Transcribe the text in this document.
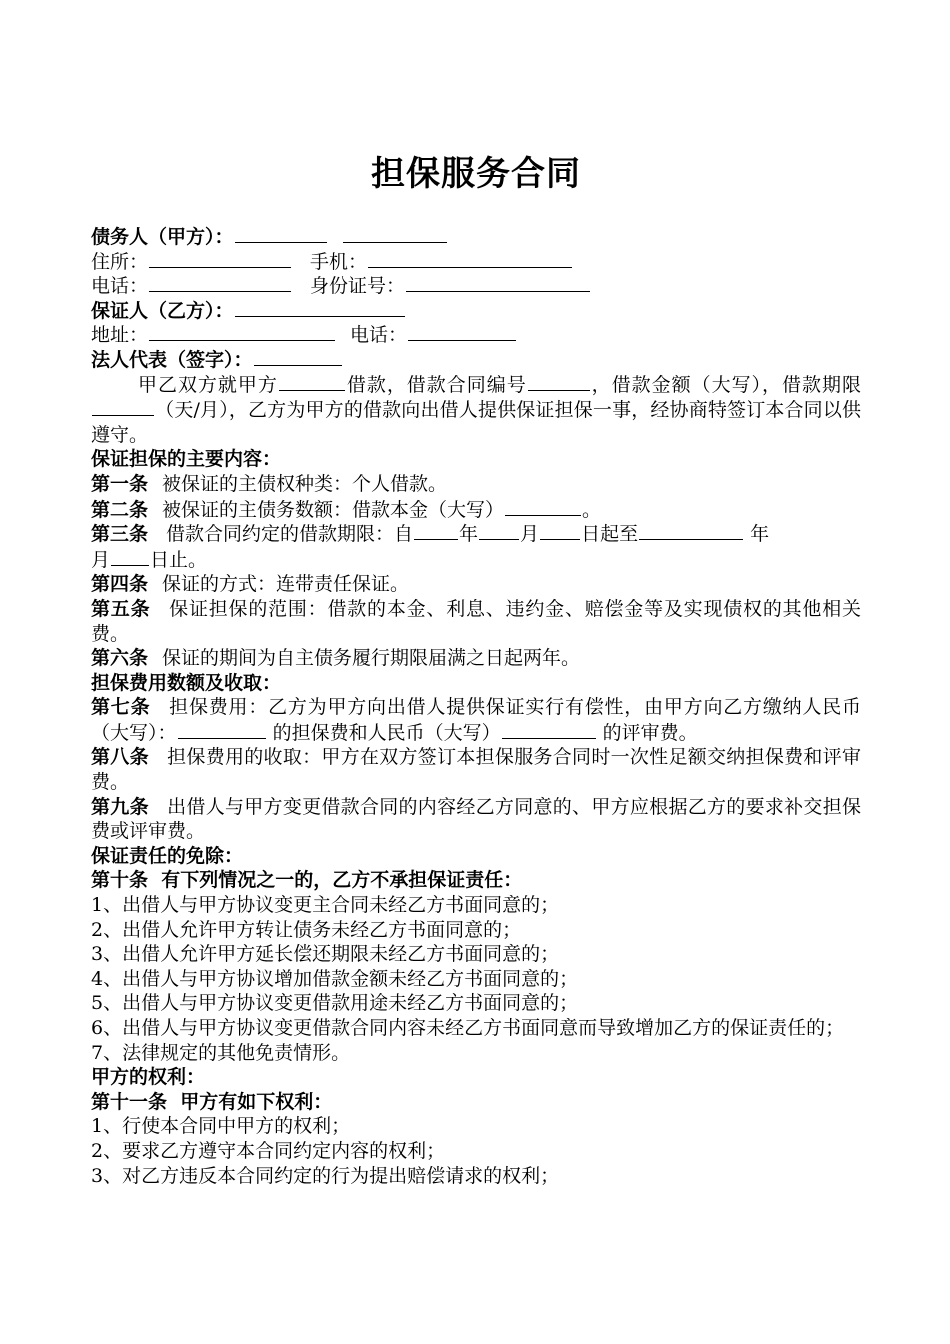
担保服务合同
债务人（甲方）：
住所：	手机：
电话：	身份证号：
保证人（乙方）：
地址：	电话：
法人代表（签字）：
甲乙双方就甲方	借款，借款合同编号	，借款金额（大写），借款期限（天/月），乙方为甲方的借款向出借人提供保证担保一事，经协商特签订本合同以供遵守。
保证担保的主要内容：
第一条 被保证的主债权种类：个人借款。
第二条 被保证的主债务数额：借款本金（大写）	。
第三条 借款合同约定的借款期限：自 年 月 日起至	年
月 日止。
第四条 保证的方式：连带责任保证。
第五条 保证担保的范围：借款的本金、利息、违约金、赔偿金等及实现债权的其他相关费。
第六条 保证的期间为自主债务履行期限届满之日起两年。
担保费用数额及收取：
第七条 担保费用：乙方为甲方向出借人提供保证实行有偿性，由甲方向乙方缴纳人民币（大写）：	的担保费和人民币（大写）	的评审费。
第八条 担保费用的收取：甲方在双方签订本担保服务合同时一次性足额交纳担保费和评审费。
第九条 出借人与甲方变更借款合同的内容经乙方同意的、甲方应根据乙方的要求补交担保费或评审费。
保证责任的免除：
第十条  有下列情况之一的，乙方不承担保证责任：
1、出借人与甲方协议变更主合同未经乙方书面同意的；
2、出借人允许甲方转让债务未经乙方书面同意的；
3、出借人允许甲方延长偿还期限未经乙方书面同意的；
4、出借人与甲方协议增加借款金额未经乙方书面同意的；
5、出借人与甲方协议变更借款用途未经乙方书面同意的；
6、出借人与甲方协议变更借款合同内容未经乙方书面同意而导致增加乙方的保证责任的；
7、法律规定的其他免责情形。
甲方的权利：
第十一条  甲方有如下权利：
1、行使本合同中甲方的权利；
2、要求乙方遵守本合同约定内容的权利；
3、对乙方违反本合同约定的行为提出赔偿请求的权利；
